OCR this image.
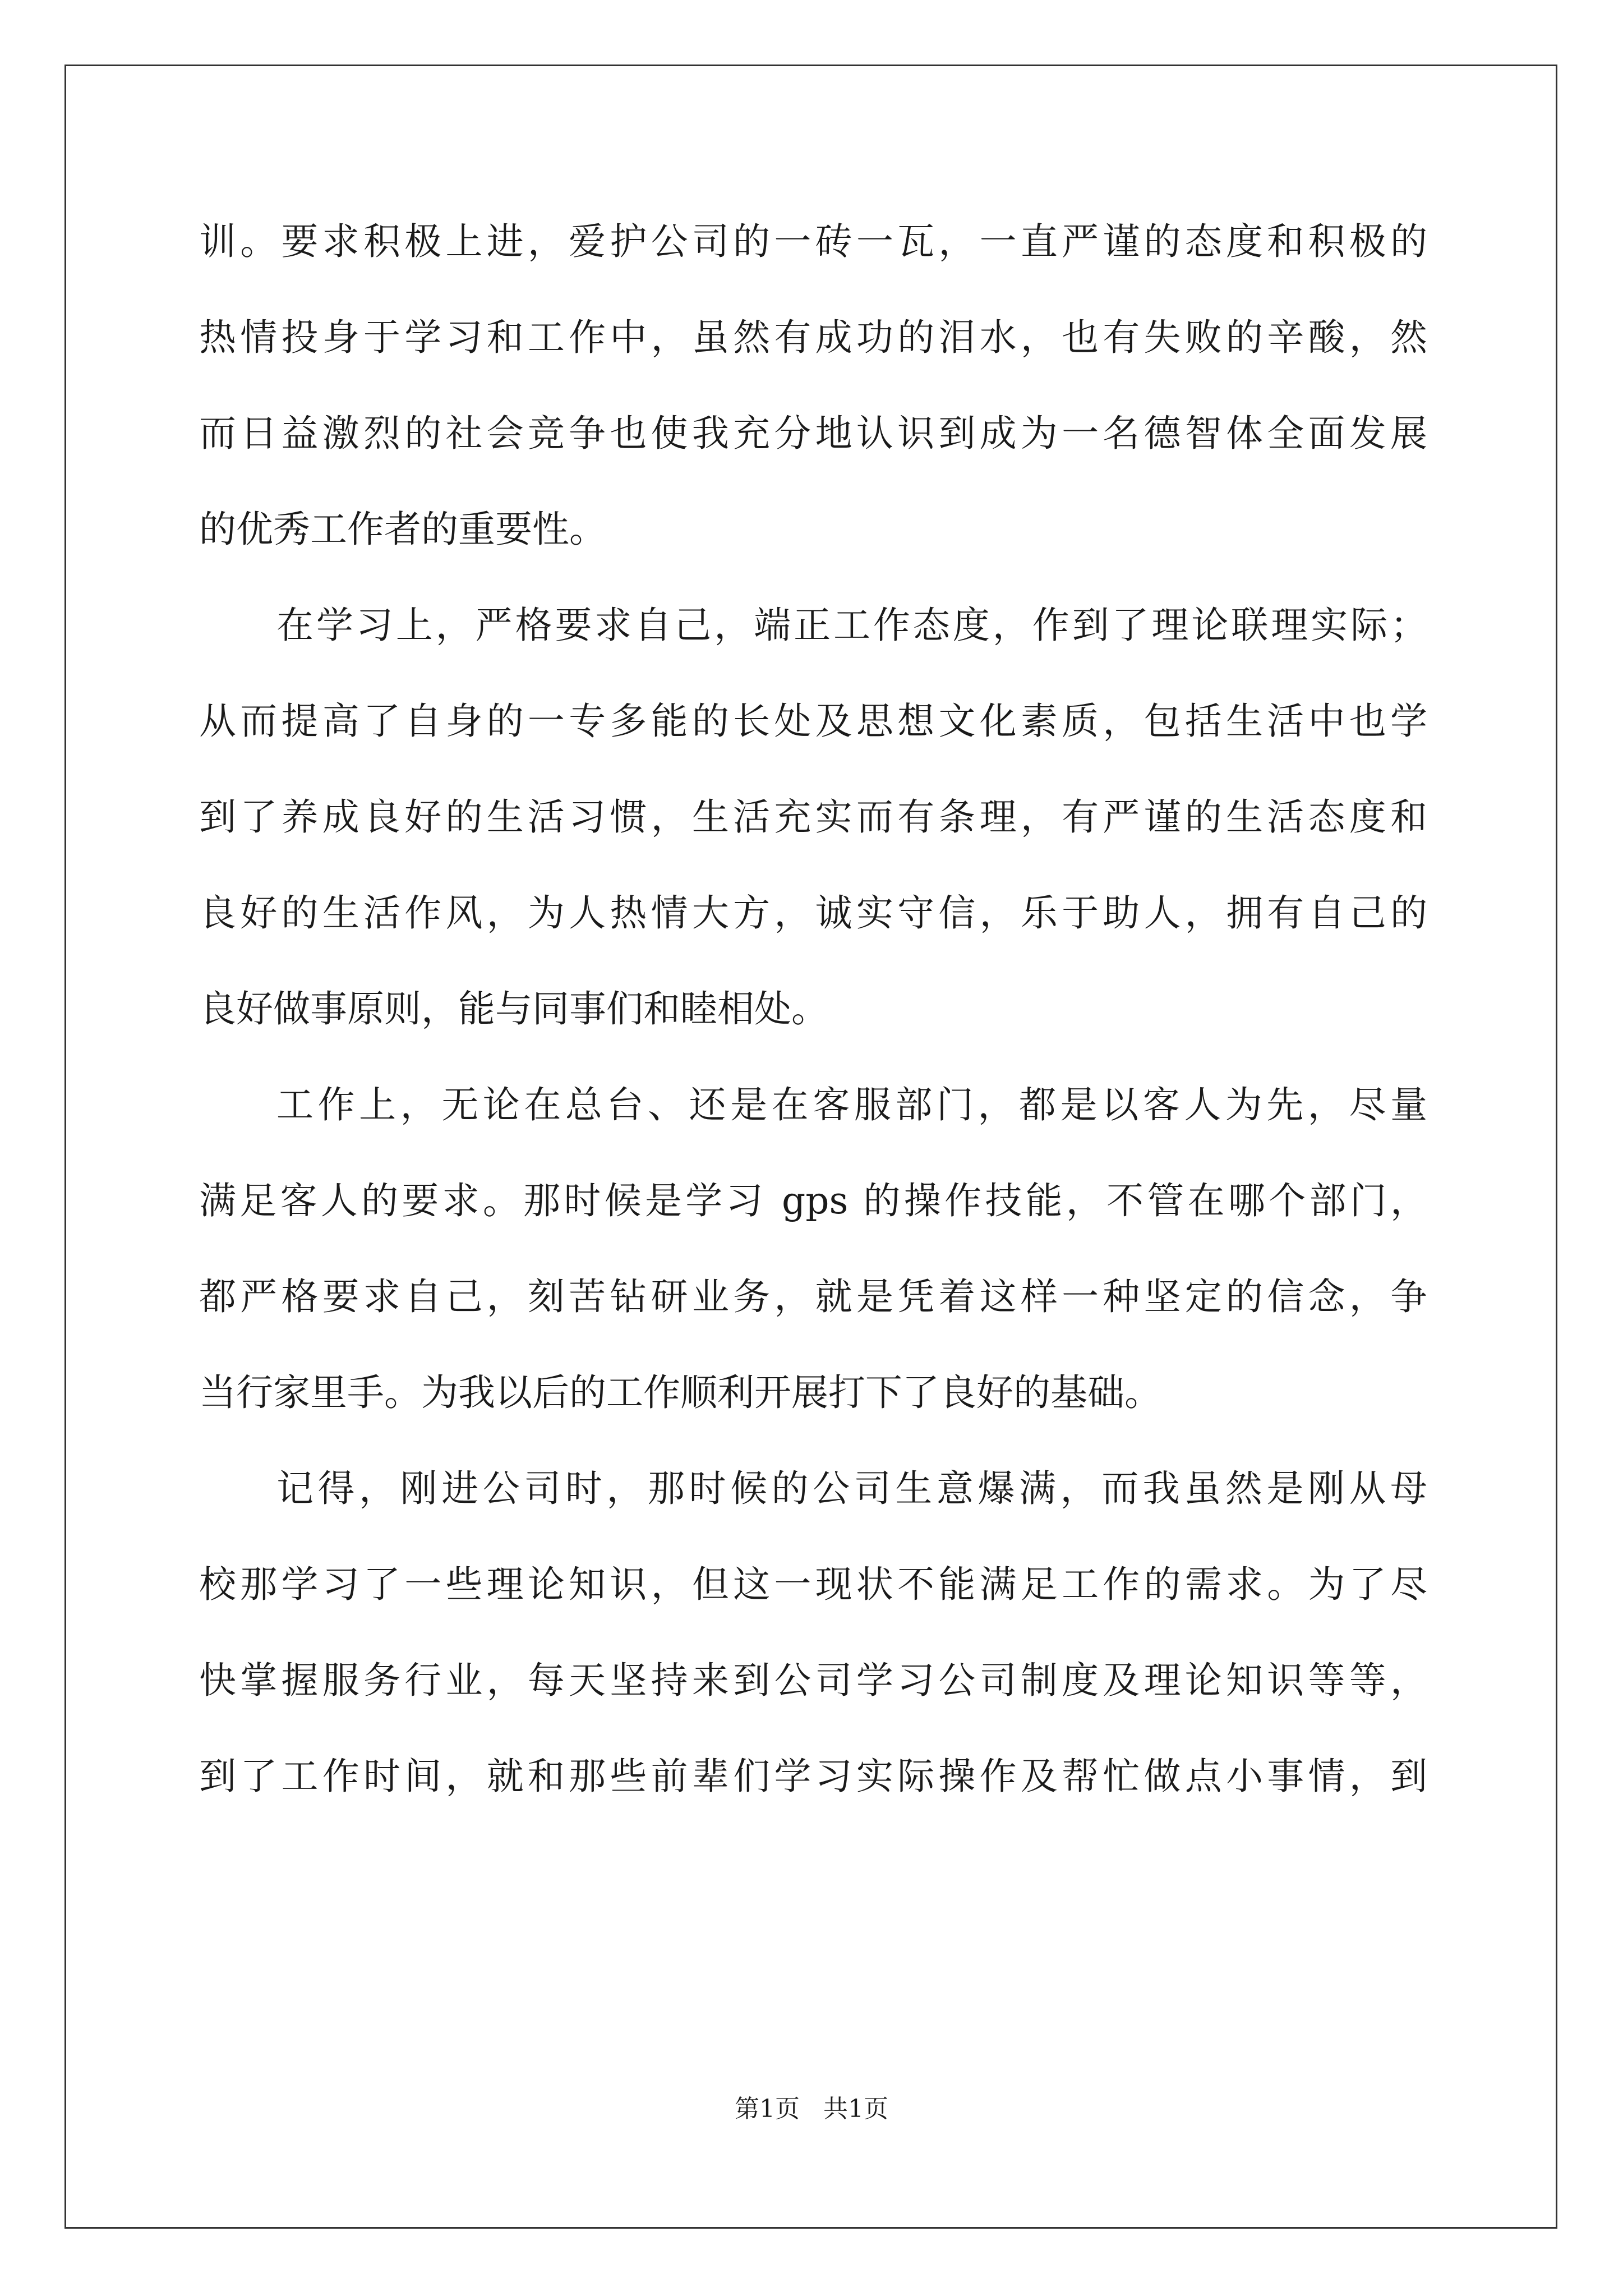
训。要求积极上进，爱护公司的一砖一瓦，一直严谨的态度和积极的
热情投身于学习和工作中，虽然有成功的泪水，也有失败的辛酸，然
而日益激烈的社会竞争也使我充分地认识到成为一名德智体全面发展
的优秀工作者的重要性。
在学习上，严格要求自己，端正工作态度，作到了理论联理实际；
从而提高了自身的一专多能的长处及思想文化素质，包括生活中也学
到了养成良好的生活习惯，生活充实而有条理，有严谨的生活态度和
良好的生活作风，为人热情大方，诚实守信，乐于助人，拥有自己的
良好做事原则，能与同事们和睦相处。
工作上，无论在总台、还是在客服部门，都是以客人为先，尽量
满足客人的要求。那时候是学习 gps 的操作技能，不管在哪个部门，
都严格要求自己，刻苦钻研业务，就是凭着这样一种坚定的信念，争
当行家里手。为我以后的工作顺利开展打下了良好的基础。
记得，刚进公司时，那时候的公司生意爆满，而我虽然是刚从母
校那学习了一些理论知识，但这一现状不能满足工作的需求。为了尽
快掌握服务行业，每天坚持来到公司学习公司制度及理论知识等等，
到了工作时间，就和那些前辈们学习实际操作及帮忙做点小事情，到
第1页 共1页
